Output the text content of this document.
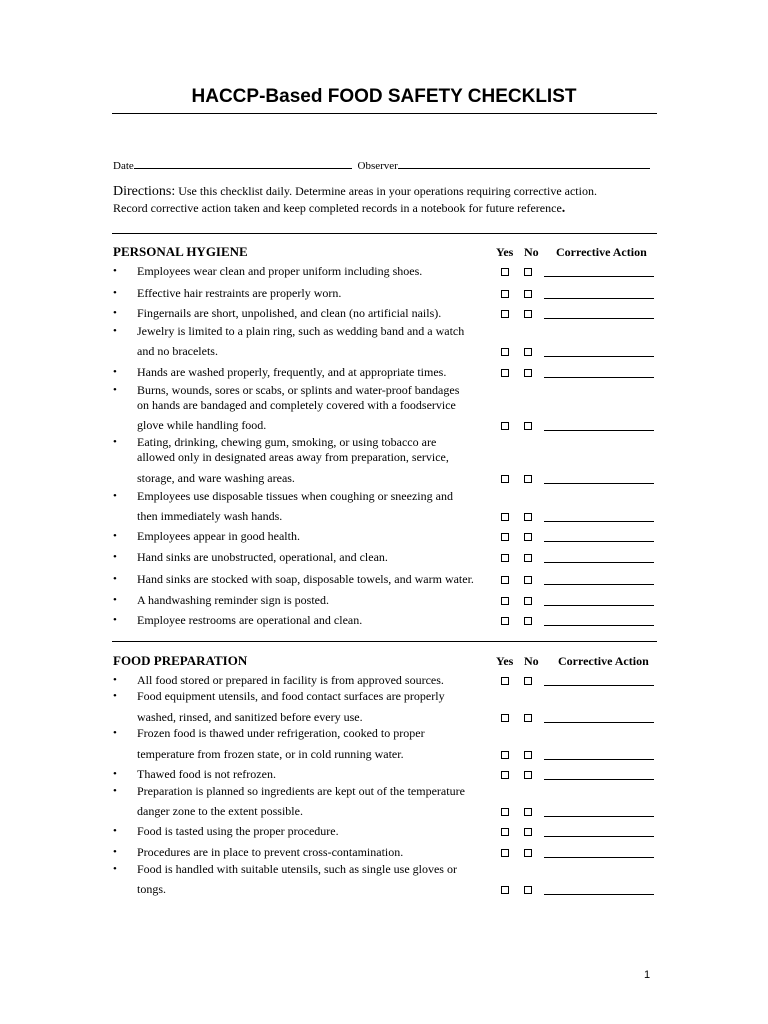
HACCP-Based FOOD SAFETY CHECKLIST
Date	Observer
Directions: Use this checklist daily. Determine areas in your operations requiring corrective action.
Record corrective action taken and keep completed records in a notebook for future reference.
PERSONAL HYGIENE	Yes No Corrective Action
• Employees wear clean and proper uniform including shoes.
• Effective hair restraints are properly worn.
• Fingernails are short, unpolished, and clean (no artificial nails).
• Jewelry is limited to a plain ring, such as wedding band and a watch
and no bracelets.
• Hands are washed properly, frequently, and at appropriate times.
• Burns, wounds, sores or scabs, or splints and water-proof bandages
on hands are bandaged and completely covered with a foodservice
glove while handling food.
• Eating, drinking, chewing gum, smoking, or using tobacco are
allowed only in designated areas away from preparation, service,
storage, and ware washing areas.
• Employees use disposable tissues when coughing or sneezing and
then immediately wash hands.
• Employees appear in good health.
• Hand sinks are unobstructed, operational, and clean.
• Hand sinks are stocked with soap, disposable towels, and warm water.
• A handwashing reminder sign is posted.
• Employee restrooms are operational and clean.
FOOD PREPARATION	Yes No Corrective Action
• All food stored or prepared in facility is from approved sources.
• Food equipment utensils, and food contact surfaces are properly
washed, rinsed, and sanitized before every use.
• Frozen food is thawed under refrigeration, cooked to proper
temperature from frozen state, or in cold running water.
• Thawed food is not refrozen.
• Preparation is planned so ingredients are kept out of the temperature
danger zone to the extent possible.
• Food is tasted using the proper procedure.
• Procedures are in place to prevent cross-contamination.
• Food is handled with suitable utensils, such as single use gloves or
tongs.
1
